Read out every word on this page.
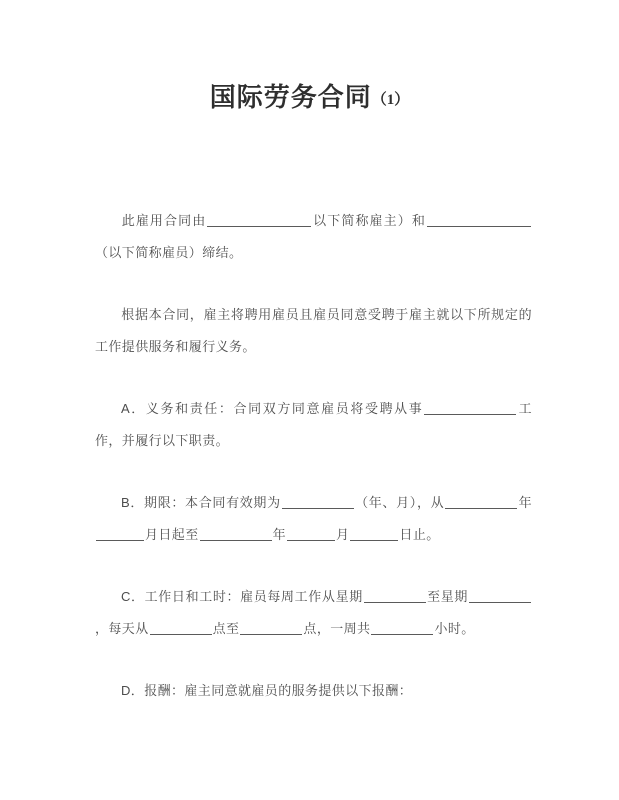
国际劳务合同（1）

此雇用合同由	以下简称雇主）和（以下简称雇员）缔结。

根据本合同，雇主将聘用雇员且雇员同意受聘于雇主就以下所规定的工作提供服务和履行义务。

A．义务和责任：合同双方同意雇员将受聘从事	工作，并履行以下职责。

B．期限：本合同有效期为	（年、月），从	年月日起至	年	月	日止。

C．工作日和工时：雇员每周工作从星期	至星期，每天从	点至	点，一周共	小时。

D．报酬：雇主同意就雇员的服务提供以下报酬：
